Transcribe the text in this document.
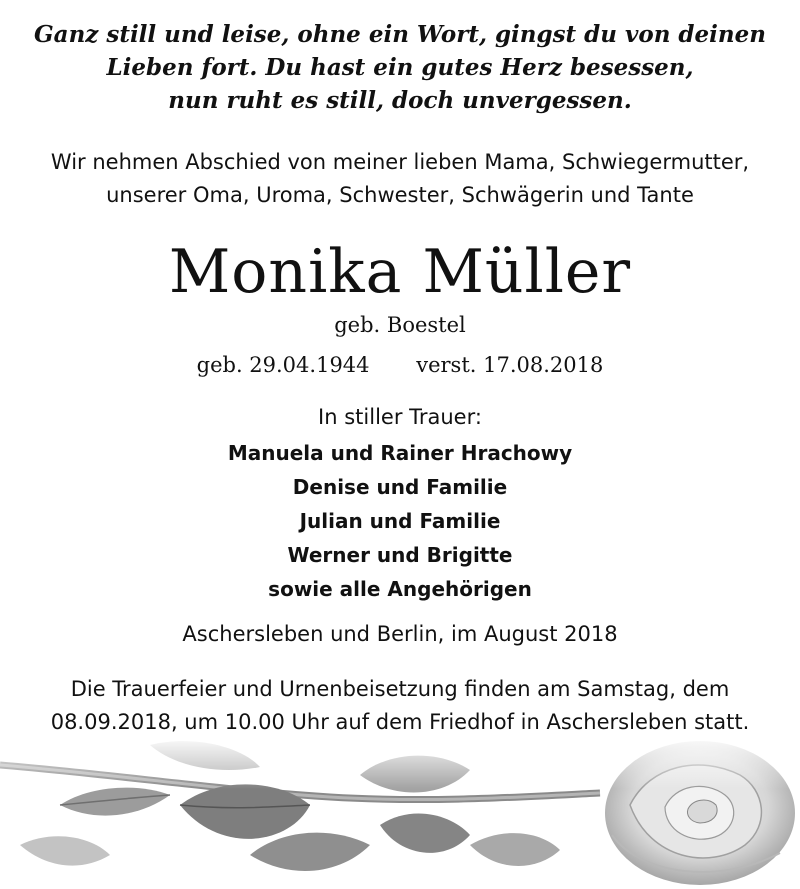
Ganz still und leise, ohne ein Wort, gingst du von deinen
Lieben fort. Du hast ein gutes Herz besessen,
nun ruht es still, doch unvergessen.
Wir nehmen Abschied von meiner lieben Mama, Schwiegermutter,
unserer Oma, Uroma, Schwester, Schwägerin und Tante
Monika Müller
geb. Boestel
geb. 29.04.1944 verst. 17.08.2018
In stiller Trauer:
Manuela und Rainer Hrachowy
Denise und Familie
Julian und Familie
Werner und Brigitte
sowie alle Angehörigen
Aschersleben und Berlin, im August 2018
Die Trauerfeier und Urnenbeisetzung finden am Samstag, dem
08.09.2018, um 10.00 Uhr auf dem Friedhof in Aschersleben statt.
